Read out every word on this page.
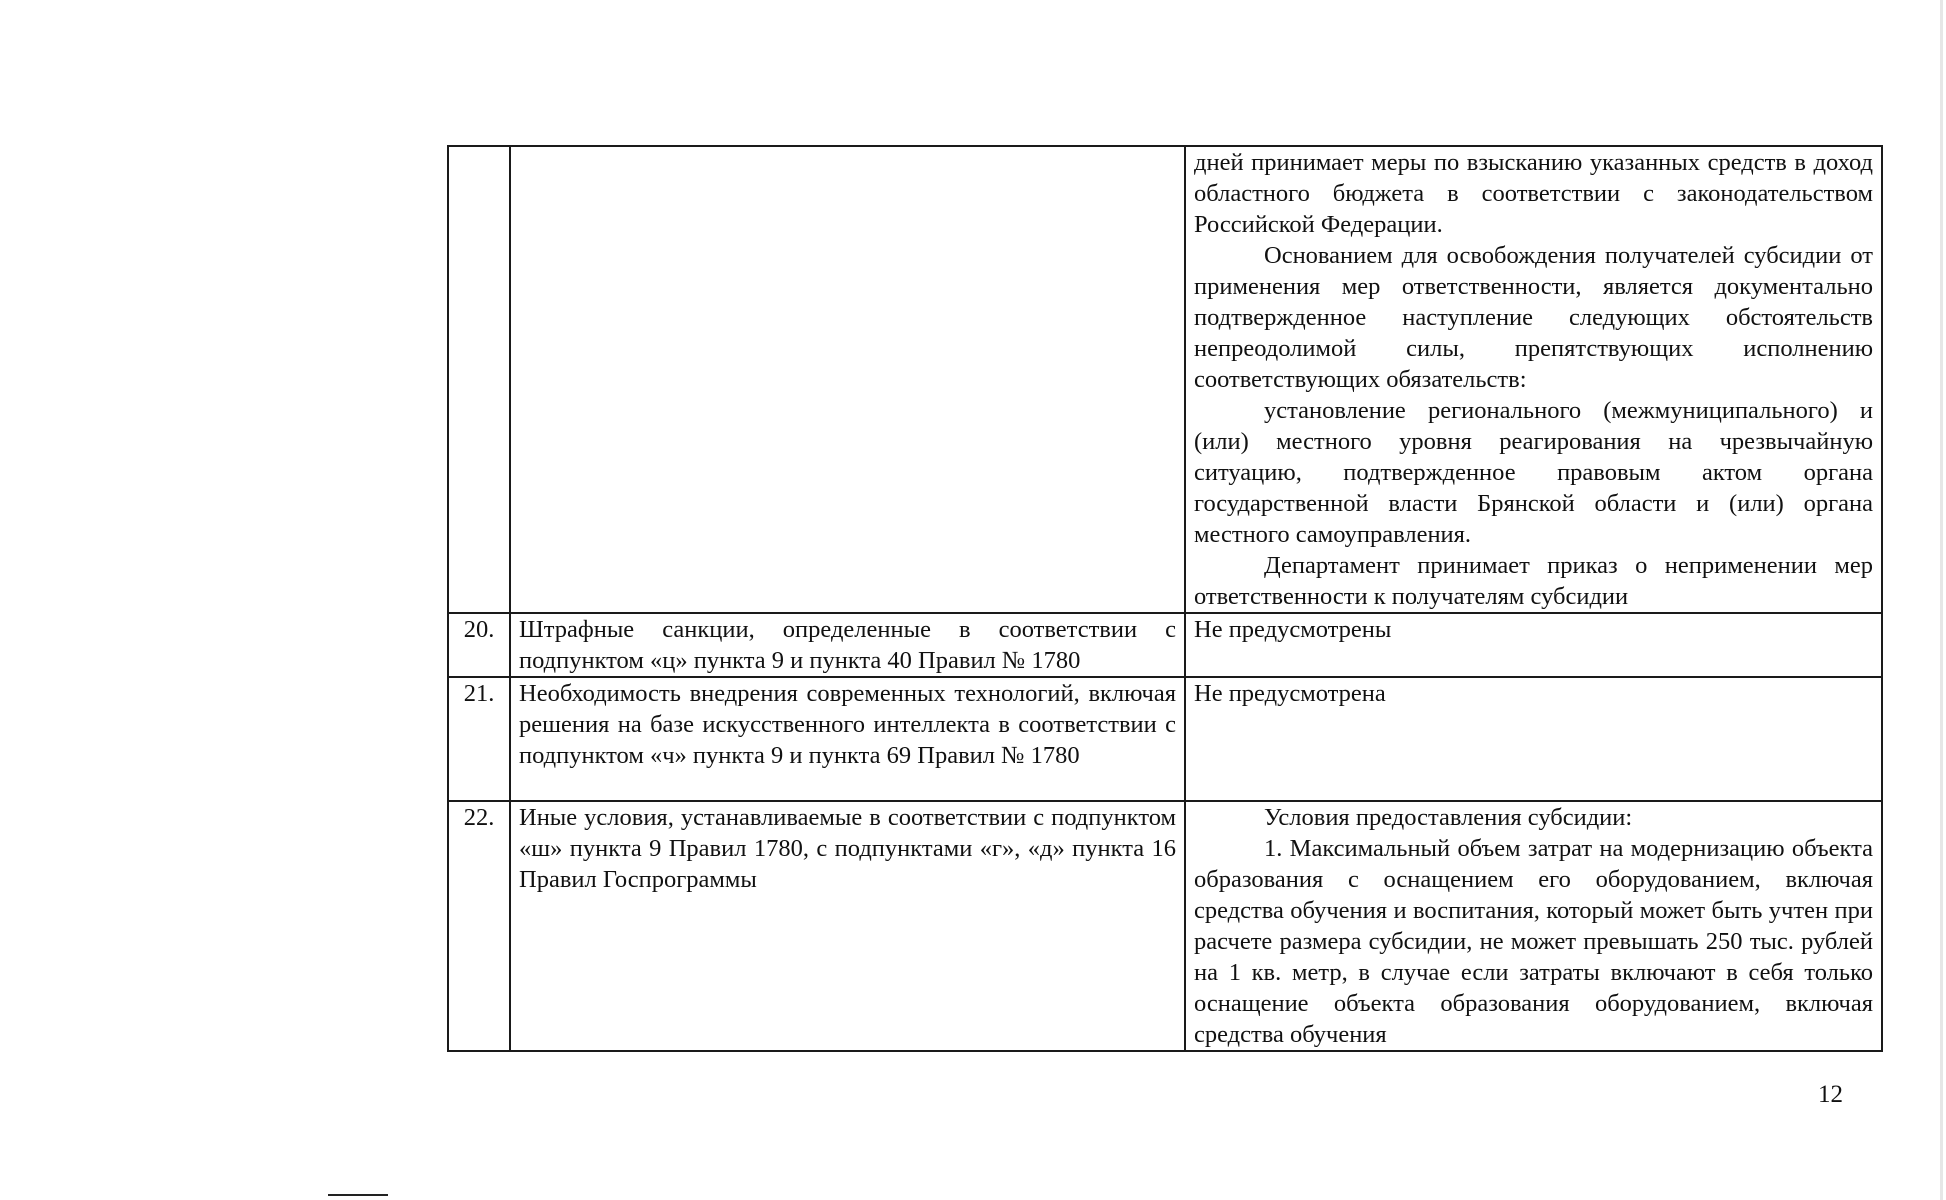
		дней принимает меры по взысканию указанных средств в доход областного бюджета в соответствии с законодательством Российской Федерации.

Основанием для освобождения получателей субсидии от применения мер ответственности, является документально подтвержденное наступление следующих обстоятельств непреодолимой силы, препятствующих исполнению соответствующих обязательств:

установление регионального (межмуниципального) и (или) местного уровня реагирования на чрезвычайную ситуацию, подтвержденное правовым актом органа государственной власти Брянской области и (или) органа местного самоуправления.

Департамент принимает приказ о неприменении мер ответственности к получателям субсидии

20.	Штрафные санкции, определенные в соответствии с подпунктом «ц» пункта 9 и пункта 40 Правил № 1780	Не предусмотрены
21.	Необходимость внедрения современных технологий, включая решения на базе искусственного интеллекта в соответствии с подпунктом «ч» пункта 9 и пункта 69 Правил № 1780	Не предусмотрена
22.	Иные условия, устанавливаемые в соответствии с подпунктом «ш» пункта 9 Правил 1780, с подпунктами «г», «д» пункта 16 Правил Госпрограммы	Условия предоставления субсидии:

1. Максимальный объем затрат на модернизацию объекта образования с оснащением его оборудованием, включая средства обучения и воспитания, который может быть учтен при расчете размера субсидии, не может превышать 250 тыс. рублей на 1 кв. метр, в случае если затраты включают в себя только оснащение объекта образования оборудованием, включая средства обучения

12
